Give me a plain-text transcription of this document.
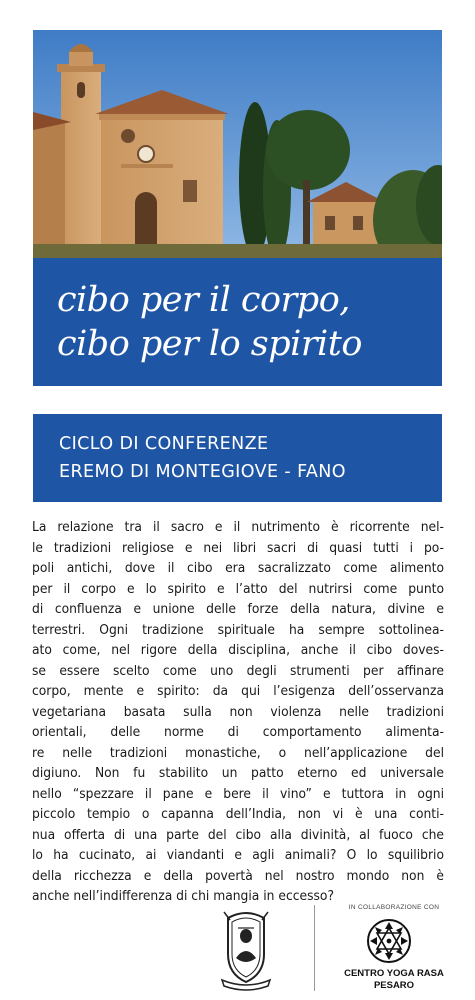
cibo per il corpo,
cibo per lo spirito
CICLO DI CONFERENZE
EREMO DI MONTEGIOVE - FANO
La relazione tra il sacro e il nutrimento è ricorrente nel-
le tradizioni religiose e nei libri sacri di quasi tutti i po-
poli antichi, dove il cibo era sacralizzato come alimento
per il corpo e lo spirito e l’atto del nutrirsi come punto
di confluenza e unione delle forze della natura, divine e
terrestri. Ogni tradizione spirituale ha sempre sottolinea-
ato come, nel rigore della disciplina, anche il cibo doves-
se essere scelto come uno degli strumenti per affinare
corpo, mente e spirito: da qui l’esigenza dell’osservanza
vegetariana basata sulla non violenza nelle tradizioni
orientali, delle norme di comportamento alimenta-
re nelle tradizioni monastiche, o nell’applicazione del
digiuno. Non fu stabilito un patto eterno ed universale
nello “spezzare il pane e bere il vino” e tuttora in ogni
piccolo tempio o capanna dell’India, non vi è una conti-
nua offerta di una parte del cibo alla divinità, al fuoco che
lo ha cucinato, ai viandanti e agli animali? O lo squilibrio
della ricchezza e della povertà nel nostro mondo non è
anche nell’indifferenza di chi mangia in eccesso?
IN COLLABORAZIONE CON
CENTRO YOGA RASA
PESARO
